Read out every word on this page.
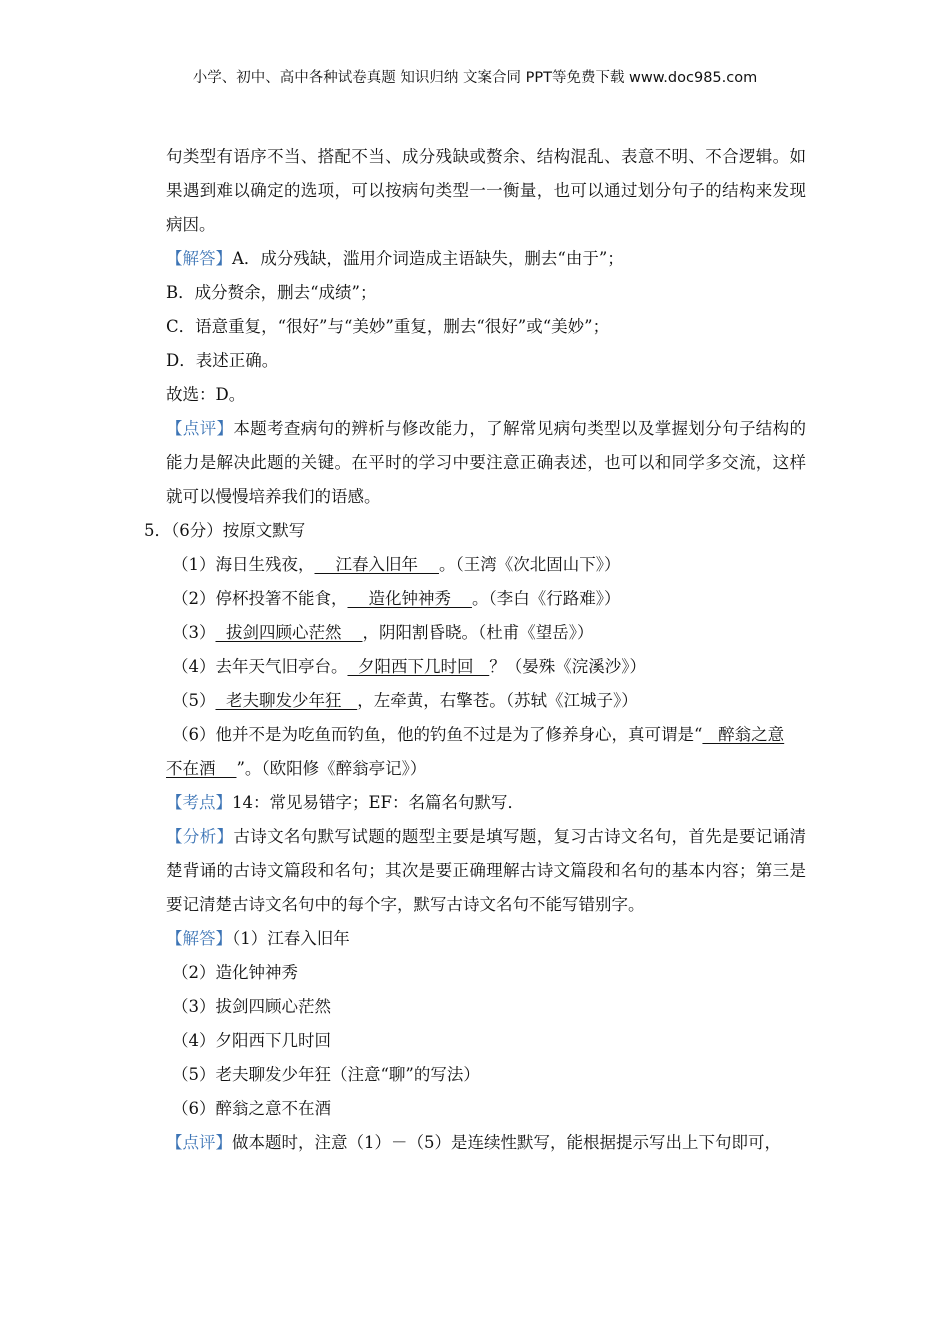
小学、初中、高中各种试卷真题 知识归纳 文案合同 PPT等免费下载 www.doc985.com
句类型有语序不当、搭配不当、成分残缺或赘余、结构混乱、表意不明、不合逻辑。如
果遇到难以确定的选项，可以按病句类型一一衡量，也可以通过划分句子的结构来发现
病因。
【解答】A．成分残缺，滥用介词造成主语缺失，删去“由于”；
B．成分赘余，删去“成绩”；
C．语意重复，“很好”与“美妙”重复，删去“很好”或“美妙”；
D．表述正确。
故选：D。
【点评】本题考查病句的辨析与修改能力，了解常见病句类型以及掌握划分句子结构的
能力是解决此题的关键。在平时的学习中要注意正确表述，也可以和同学多交流，这样
就可以慢慢培养我们的语感。
5．（6分）按原文默写
（1）海日生残夜，    江春入旧年    。（王湾《次北固山下》）
（2）停杯投箸不能食，    造化钟神秀    。（李白《行路难》）
（3）  拔剑四顾心茫然    ，阴阳割昏晓。（杜甫《望岳》）
（4）去年天气旧亭台。  夕阳西下几时回   ？（晏殊《浣溪沙》）
（5）  老夫聊发少年狂   ，左牵黄，右擎苍。（苏轼《江城子》）
（6）他并不是为吃鱼而钓鱼，他的钓鱼不过是为了修养身心，真可谓是“   醉翁之意
不在酒    ”。（欧阳修《醉翁亭记》）
【考点】14：常见易错字；EF：名篇名句默写．
【分析】古诗文名句默写试题的题型主要是填写题，复习古诗文名句，首先是要记诵清
楚背诵的古诗文篇段和名句；其次是要正确理解古诗文篇段和名句的基本内容；第三是
要记清楚古诗文名句中的每个字，默写古诗文名句不能写错别字。
【解答】（1）江春入旧年
（2）造化钟神秀
（3）拔剑四顾心茫然
（4）夕阳西下几时回
（5）老夫聊发少年狂（注意“聊”的写法）
（6）醉翁之意不在酒
【点评】做本题时，注意（1）－（5）是连续性默写，能根据提示写出上下句即可，
